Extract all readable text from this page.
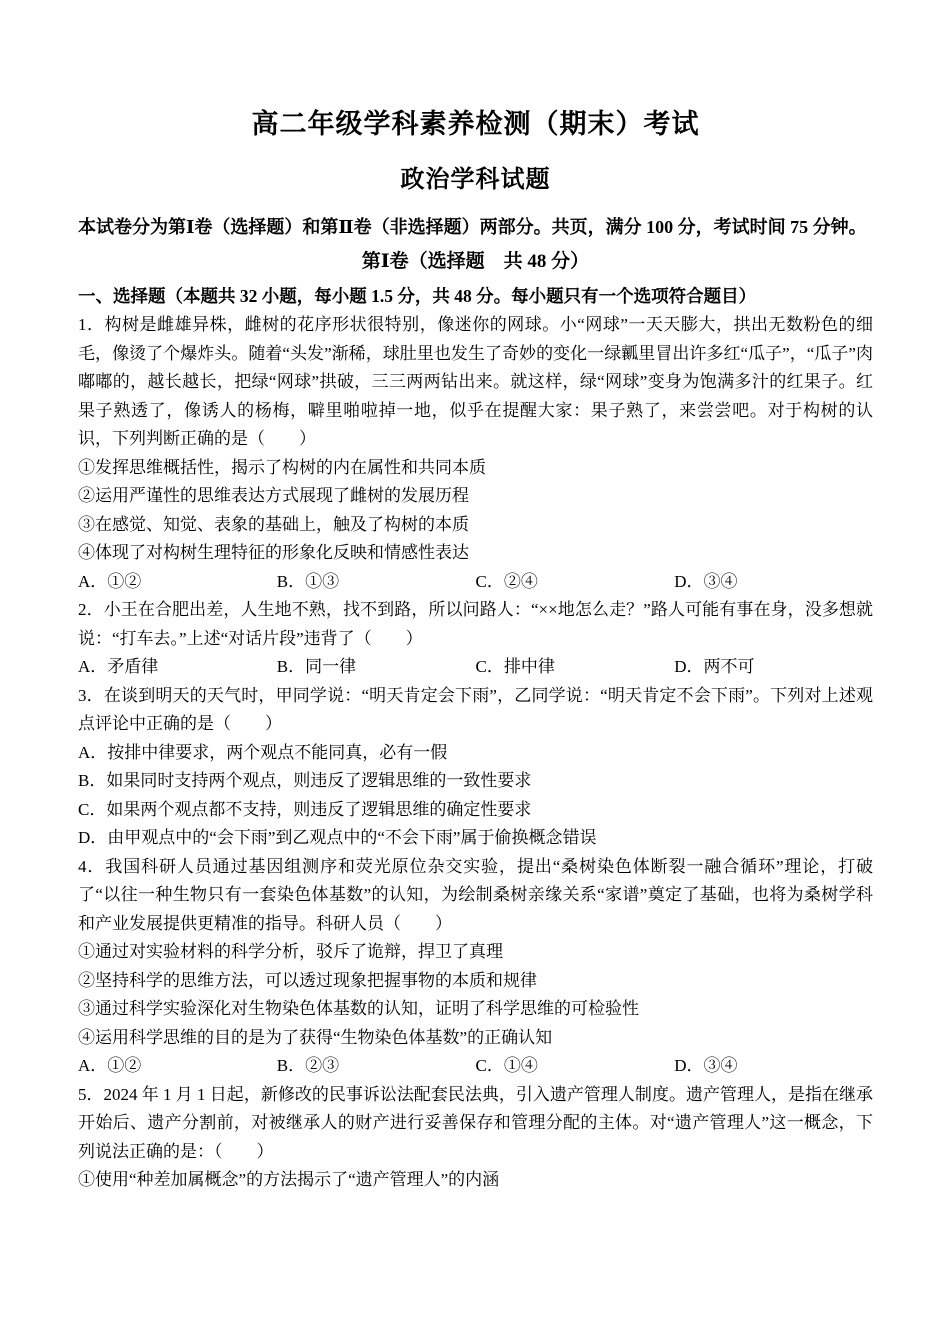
高二年级学科素养检测（期末）考试
政治学科试题

本试卷分为第Ⅰ卷（选择题）和第Ⅱ卷（非选择题）两部分。共页，满分 100 分，考试时间 75 分钟。

第Ⅰ卷（选择题　共 48 分）
一、选择题（本题共 32 小题，每小题 1.5 分，共 48 分。每小题只有一个选项符合题目）

1．构树是雌雄异株，雌树的花序形状很特别，像迷你的网球。小“网球”一天天膨大，拱出无数粉色的细毛，像烫了个爆炸头。随着“头发”渐稀，球肚里也发生了奇妙的变化一绿瓤里冒出许多红“瓜子”，“瓜子”肉嘟嘟的，越长越长，把绿“网球”拱破，三三两两钻出来。就这样，绿“网球”变身为饱满多汁的红果子。红果子熟透了，像诱人的杨梅，噼里啪啦掉一地，似乎在提醒大家：果子熟了，来尝尝吧。对于构树的认识，下列判断正确的是（　　）

①发挥思维概括性，揭示了构树的内在属性和共同本质

②运用严谨性的思维表达方式展现了雌树的发展历程

③在感觉、知觉、表象的基础上，触及了构树的本质

④体现了对构树生理特征的形象化反映和情感性表达

A．①②	B．①③	C．②④	D．③④

2．小王在合肥出差，人生地不熟，找不到路，所以问路人：“××地怎么走？”路人可能有事在身，没多想就说：“打车去。”上述“对话片段”违背了（　　）

A．矛盾律	B．同一律	C．排中律	D．两不可

3．在谈到明天的天气时，甲同学说：“明天肯定会下雨”，乙同学说：“明天肯定不会下雨”。下列对上述观点评论中正确的是（　　）

A．按排中律要求，两个观点不能同真，必有一假

B．如果同时支持两个观点，则违反了逻辑思维的一致性要求

C．如果两个观点都不支持，则违反了逻辑思维的确定性要求

D．由甲观点中的“会下雨”到乙观点中的“不会下雨”属于偷换概念错误

4．我国科研人员通过基因组测序和荧光原位杂交实验，提出“桑树染色体断裂一融合循环”理论，打破了“以往一种生物只有一套染色体基数”的认知，为绘制桑树亲缘关系“家谱”奠定了基础，也将为桑树学科和产业发展提供更精准的指导。科研人员（　　）

①通过对实验材料的科学分析，驳斥了诡辩，捍卫了真理

②坚持科学的思维方法，可以透过现象把握事物的本质和规律

③通过科学实验深化对生物染色体基数的认知，证明了科学思维的可检验性

④运用科学思维的目的是为了获得“生物染色体基数”的正确认知

A．①②	B．②③	C．①④	D．③④

5．2024 年 1 月 1 日起，新修改的民事诉讼法配套民法典，引入遗产管理人制度。遗产管理人，是指在继承开始后、遗产分割前，对被继承人的财产进行妥善保存和管理分配的主体。对“遗产管理人”这一概念，下列说法正确的是：（　　）

①使用“种差加属概念”的方法揭示了“遗产管理人”的内涵
